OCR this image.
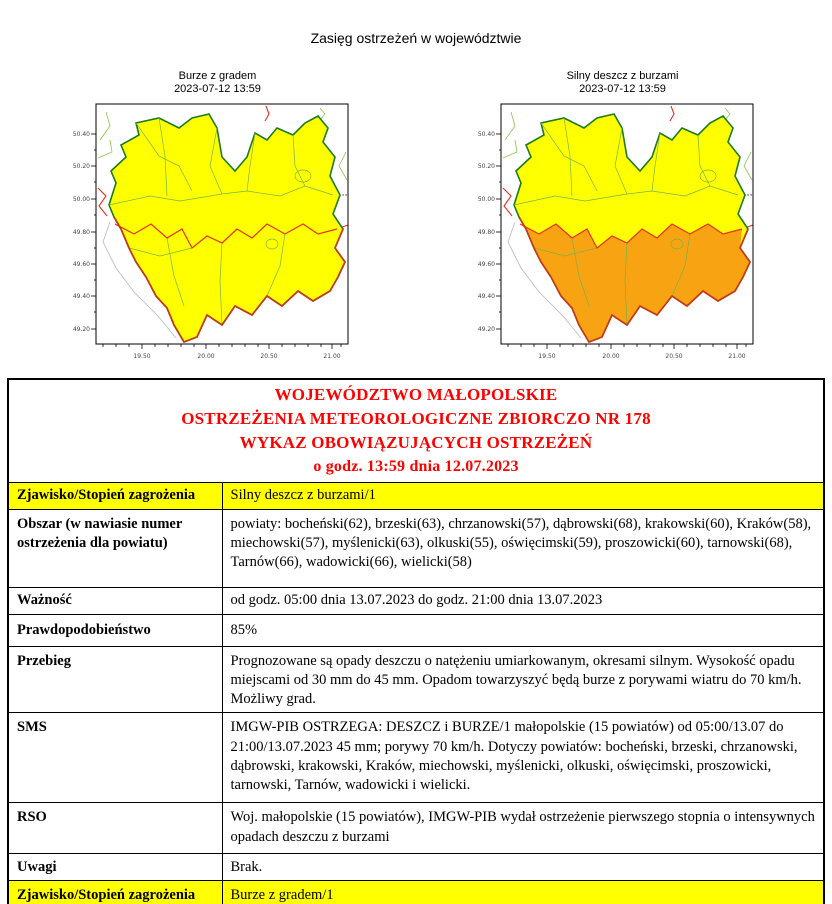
Zasięg ostrzeżeń w województwie
Burze z gradem
2023-07-12 13:59
50.40
50.20
50.00
49.80
49.60
49.40
49.20
19.50	20.00	20.50	21.00
Silny deszcz z burzami
2023-07-12 13:59
50.40
50.20
50.00
49.80
49.60
49.40
49.20
19.50	20.00	20.50	21.00
WOJEWÓDZTWO MAŁOPOLSKIE
OSTRZEŻENIA METEOROLOGICZNE ZBIORCZO NR 178
WYKAZ OBOWIĄZUJĄCYCH OSTRZEŻEŃ
o godz. 13:59 dnia 12.07.2023	

Zjawisko/Stopień zagrożenia	Silny deszcz z burzami/1
Obszar (w nawiasie numer ostrzeżenia dla powiatu)	powiaty: bocheński(62), brzeski(63), chrzanowski(57), dąbrowski(68), krakowski(60), Kraków(58), miechowski(57), myślenicki(63), olkuski(55), oświęcimski(59), proszowicki(60), tarnowski(68), Tarnów(66), wadowicki(66), wielicki(58)
Ważność	od godz. 05:00 dnia 13.07.2023 do godz. 21:00 dnia 13.07.2023
Prawdopodobieństwo	85%
Przebieg	Prognozowane są opady deszczu o natężeniu umiarkowanym, okresami silnym. Wysokość opadu miejscami od 30 mm do 45 mm. Opadom towarzyszyć będą burze z porywami wiatru do 70 km/h. Możliwy grad.
SMS	IMGW-PIB OSTRZEGA: DESZCZ i BURZE/1 małopolskie (15 powiatów) od 05:00/13.07 do 21:00/13.07.2023 45 mm; porywy 70 km/h. Dotyczy powiatów: bocheński, brzeski, chrzanowski, dąbrowski, krakowski, Kraków, miechowski, myślenicki, olkuski, oświęcimski, proszowicki, tarnowski, Tarnów, wadowicki i wielicki.
RSO	Woj. małopolskie (15 powiatów), IMGW-PIB wydał ostrzeżenie pierwszego stopnia o intensywnych opadach deszczu z burzami
Uwagi	Brak.
Zjawisko/Stopień zagrożenia	Burze z gradem/1
